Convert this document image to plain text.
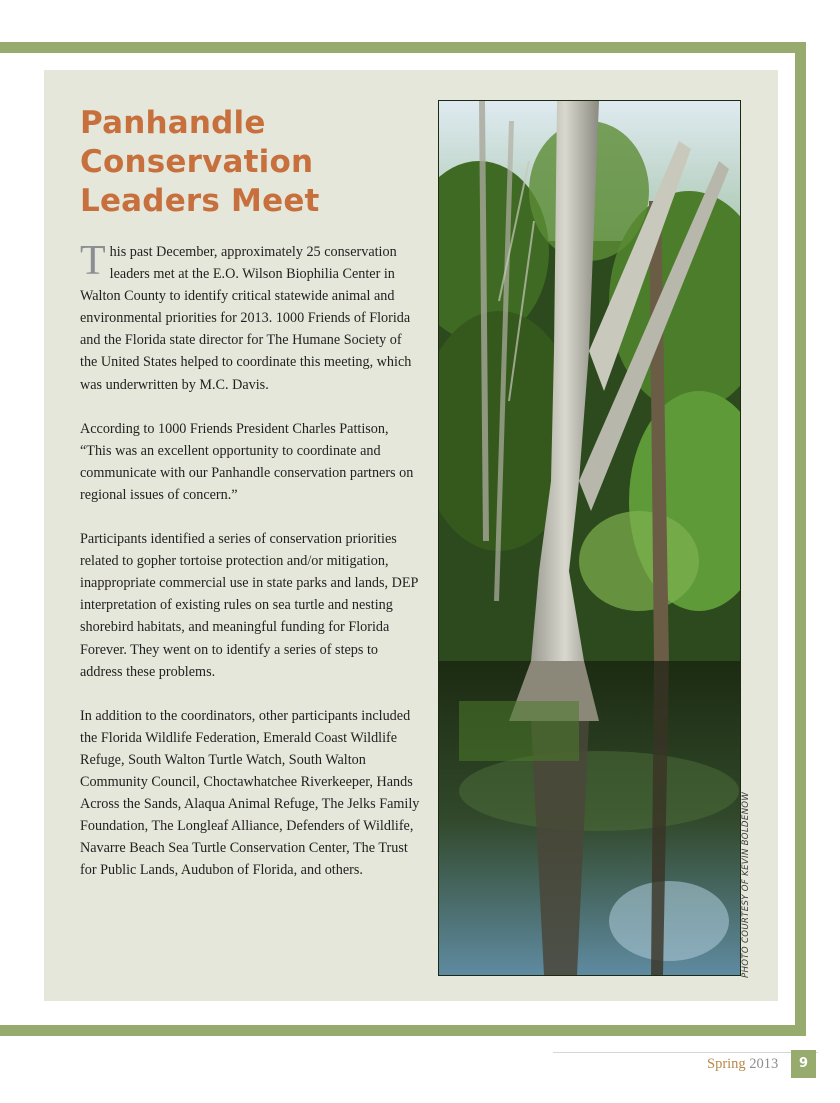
Panhandle
Conservation
Leaders Meet

This past December, approximately 25 conservation leaders met at the E.O. Wilson Biophilia Center in Walton County to identify critical statewide animal and environmental priorities for 2013. 1000 Friends of Florida and the Florida state director for The Humane Society of the United States helped to coordinate this meeting, which was underwritten by M.C. Davis.

According to 1000 Friends President Charles Pattison, “This was an excellent opportunity to coordinate and communicate with our Panhandle conservation partners on regional issues of concern.”

Participants identified a series of conservation priorities related to gopher tortoise protection and/or mitigation, inappropriate commercial use in state parks and lands, DEP interpretation of existing rules on sea turtle and nesting shorebird habitats, and meaningful funding for Florida Forever. They went on to identify a series of steps to address these problems.

In addition to the coordinators, other participants included the Florida Wildlife Federation, Emerald Coast Wildlife Refuge, South Walton Turtle Watch, South Walton Community Council, Choctawhatchee Riverkeeper, Hands Across the Sands, Alaqua Animal Refuge, The Jelks Family Foundation, The Longleaf Alliance, Defenders of Wildlife, Navarre Beach Sea Turtle Conservation Center, The Trust for Public Lands, Audubon of Florida, and others.	PHOTO COURTESY OF KEVIN BOLDENOW
Spring 2013	9
